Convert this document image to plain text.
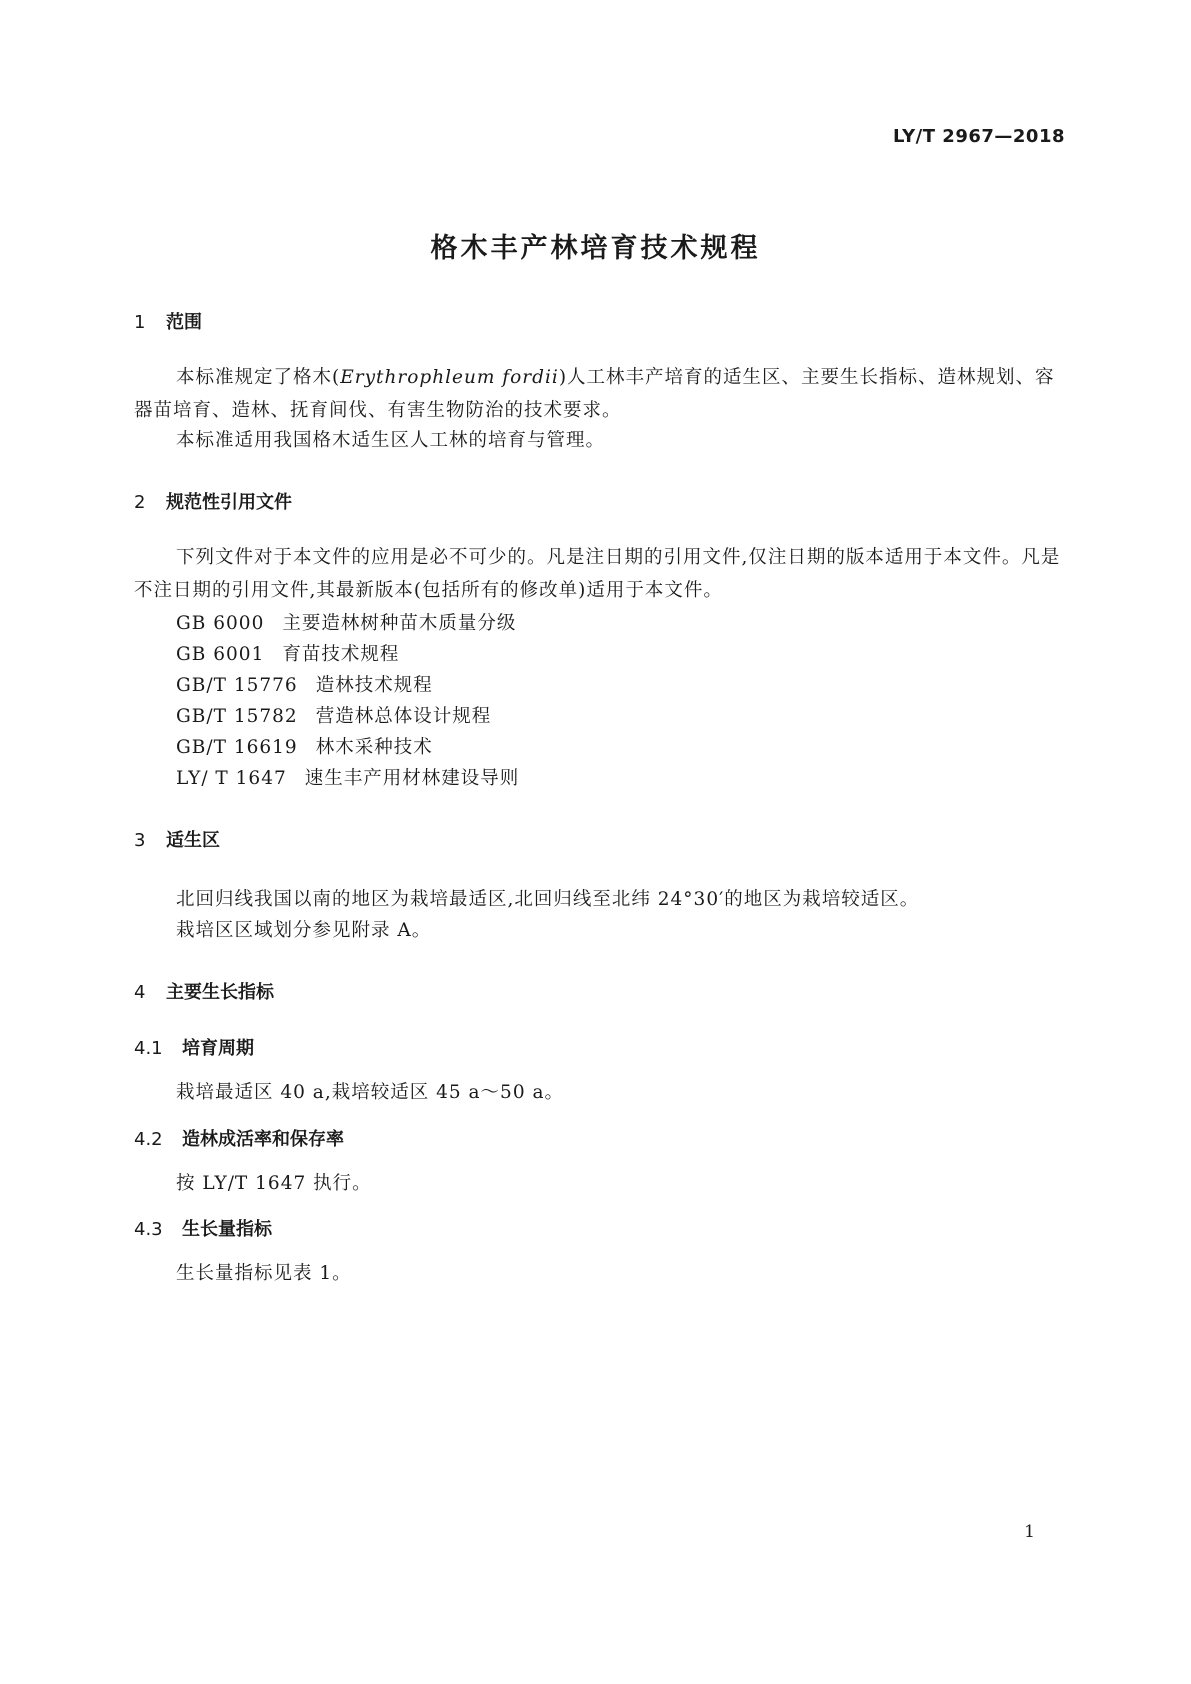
LY/T 2967—2018
格木丰产林培育技术规程
1 范围

本标准规定了格木(Erythrophleum fordii)人工林丰产培育的适生区、主要生长指标、造林规划、容器苗培育、造林、抚育间伐、有害生物防治的技术要求。

本标准适用我国格木适生区人工林的培育与管理。

2 规范性引用文件

下列文件对于本文件的应用是必不可少的。凡是注日期的引用文件,仅注日期的版本适用于本文件。凡是不注日期的引用文件,其最新版本(包括所有的修改单)适用于本文件。

GB 6000 主要造林树种苗木质量分级
GB 6001 育苗技术规程
GB/T 15776 造林技术规程
GB/T 15782 营造林总体设计规程
GB/T 16619 林木采种技术
LY/ T 1647 速生丰产用材林建设导则
3 适生区
北回归线我国以南的地区为栽培最适区,北回归线至北纬 24°30′的地区为栽培较适区。
栽培区区域划分参见附录 A。
4 主要生长指标
4.1 培育周期
栽培最适区 40 a,栽培较适区 45 a～50 a。
4.2 造林成活率和保存率
按 LY/T 1647 执行。
4.3 生长量指标
生长量指标见表 1。
1
